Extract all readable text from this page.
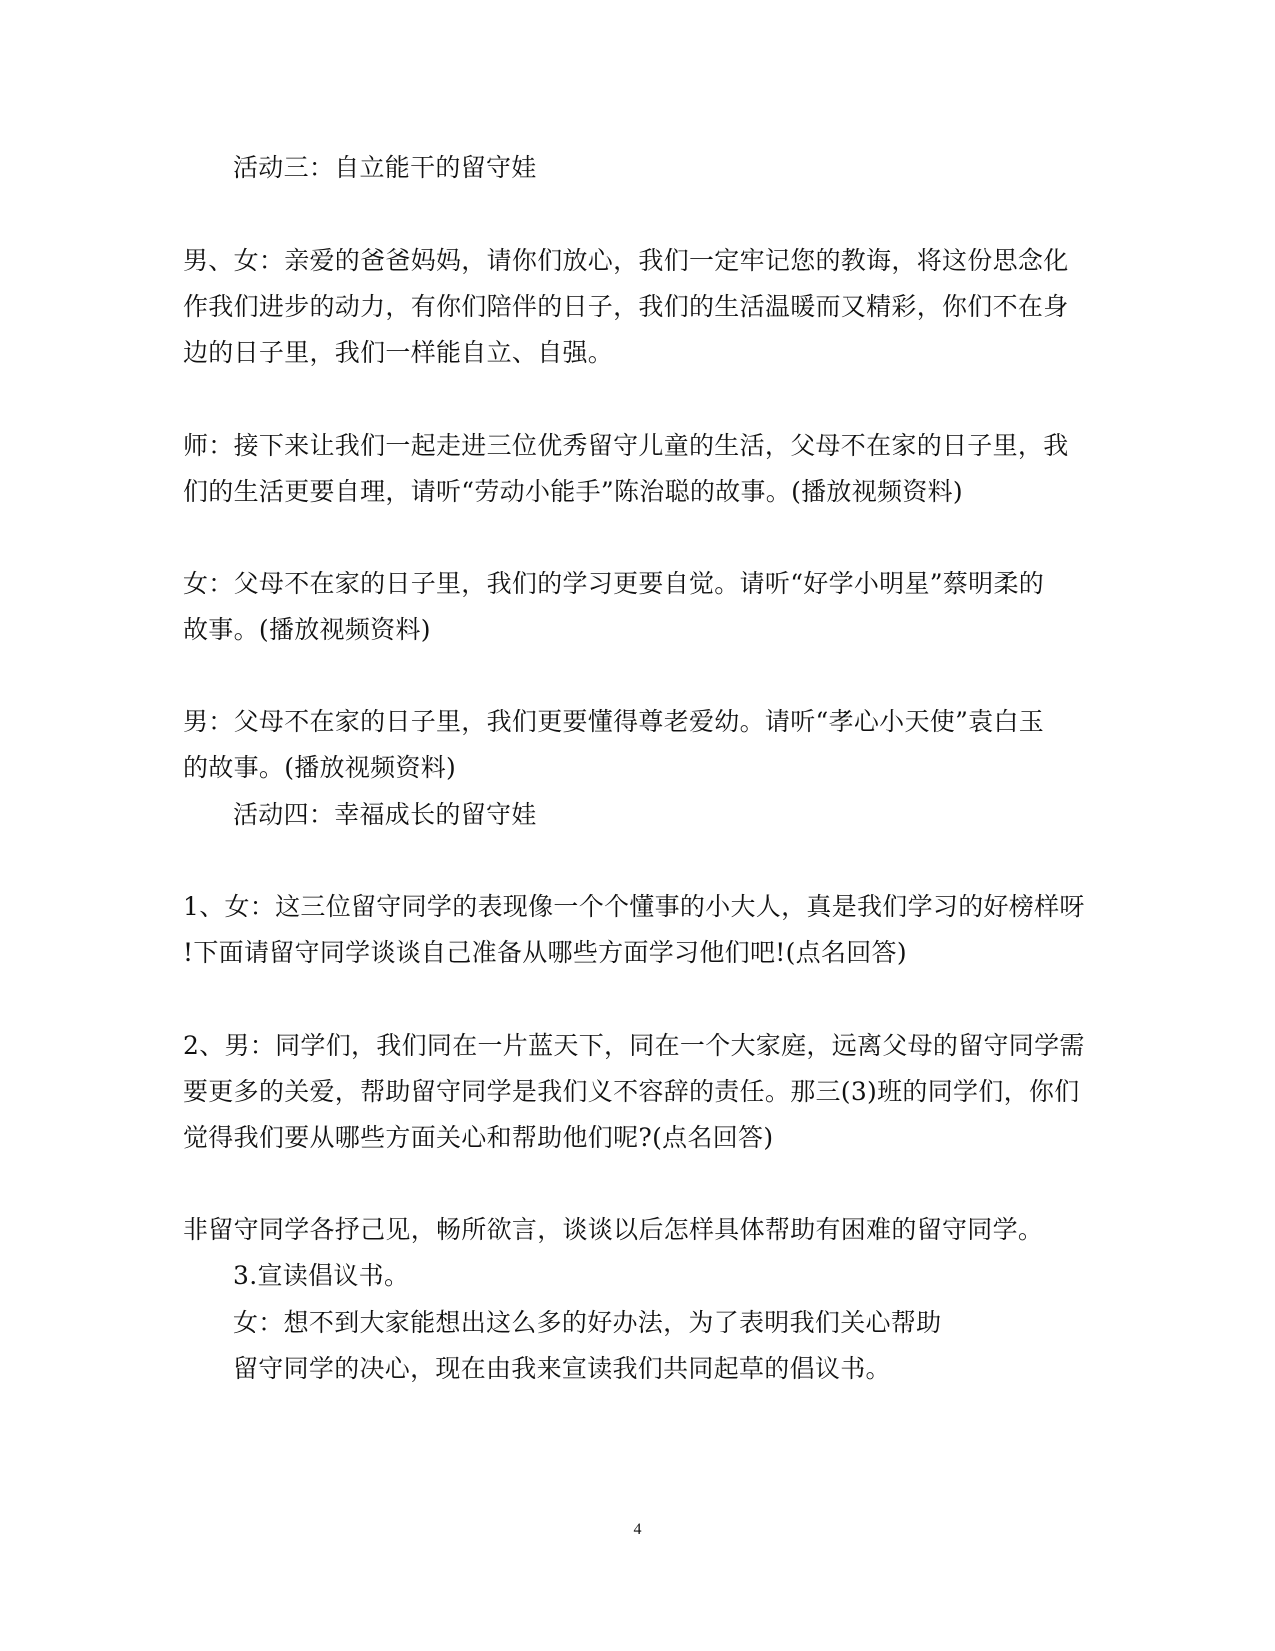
活动三：自立能干的留守娃
男、女：亲爱的爸爸妈妈，请你们放心，我们一定牢记您的教诲，将这份思念化
作我们进步的动力，有你们陪伴的日子，我们的生活温暖而又精彩，你们不在身
边的日子里，我们一样能自立、自强。
师：接下来让我们一起走进三位优秀留守儿童的生活，父母不在家的日子里，我
们的生活更要自理，请听“劳动小能手”陈治聪的故事。(播放视频资料)
女：父母不在家的日子里，我们的学习更要自觉。请听“好学小明星”蔡明柔的
故事。(播放视频资料)
男：父母不在家的日子里，我们更要懂得尊老爱幼。请听“孝心小天使”袁白玉
的故事。(播放视频资料)
活动四：幸福成长的留守娃
1、女：这三位留守同学的表现像一个个懂事的小大人，真是我们学习的好榜样呀
!下面请留守同学谈谈自己准备从哪些方面学习他们吧!(点名回答)
2、男：同学们，我们同在一片蓝天下，同在一个大家庭，远离父母的留守同学需
要更多的关爱，帮助留守同学是我们义不容辞的责任。那三(3)班的同学们，你们
觉得我们要从哪些方面关心和帮助他们呢?(点名回答)
非留守同学各抒己见，畅所欲言，谈谈以后怎样具体帮助有困难的留守同学。
3.宣读倡议书。
女：想不到大家能想出这么多的好办法，为了表明我们关心帮助
留守同学的决心，现在由我来宣读我们共同起草的倡议书。
4
